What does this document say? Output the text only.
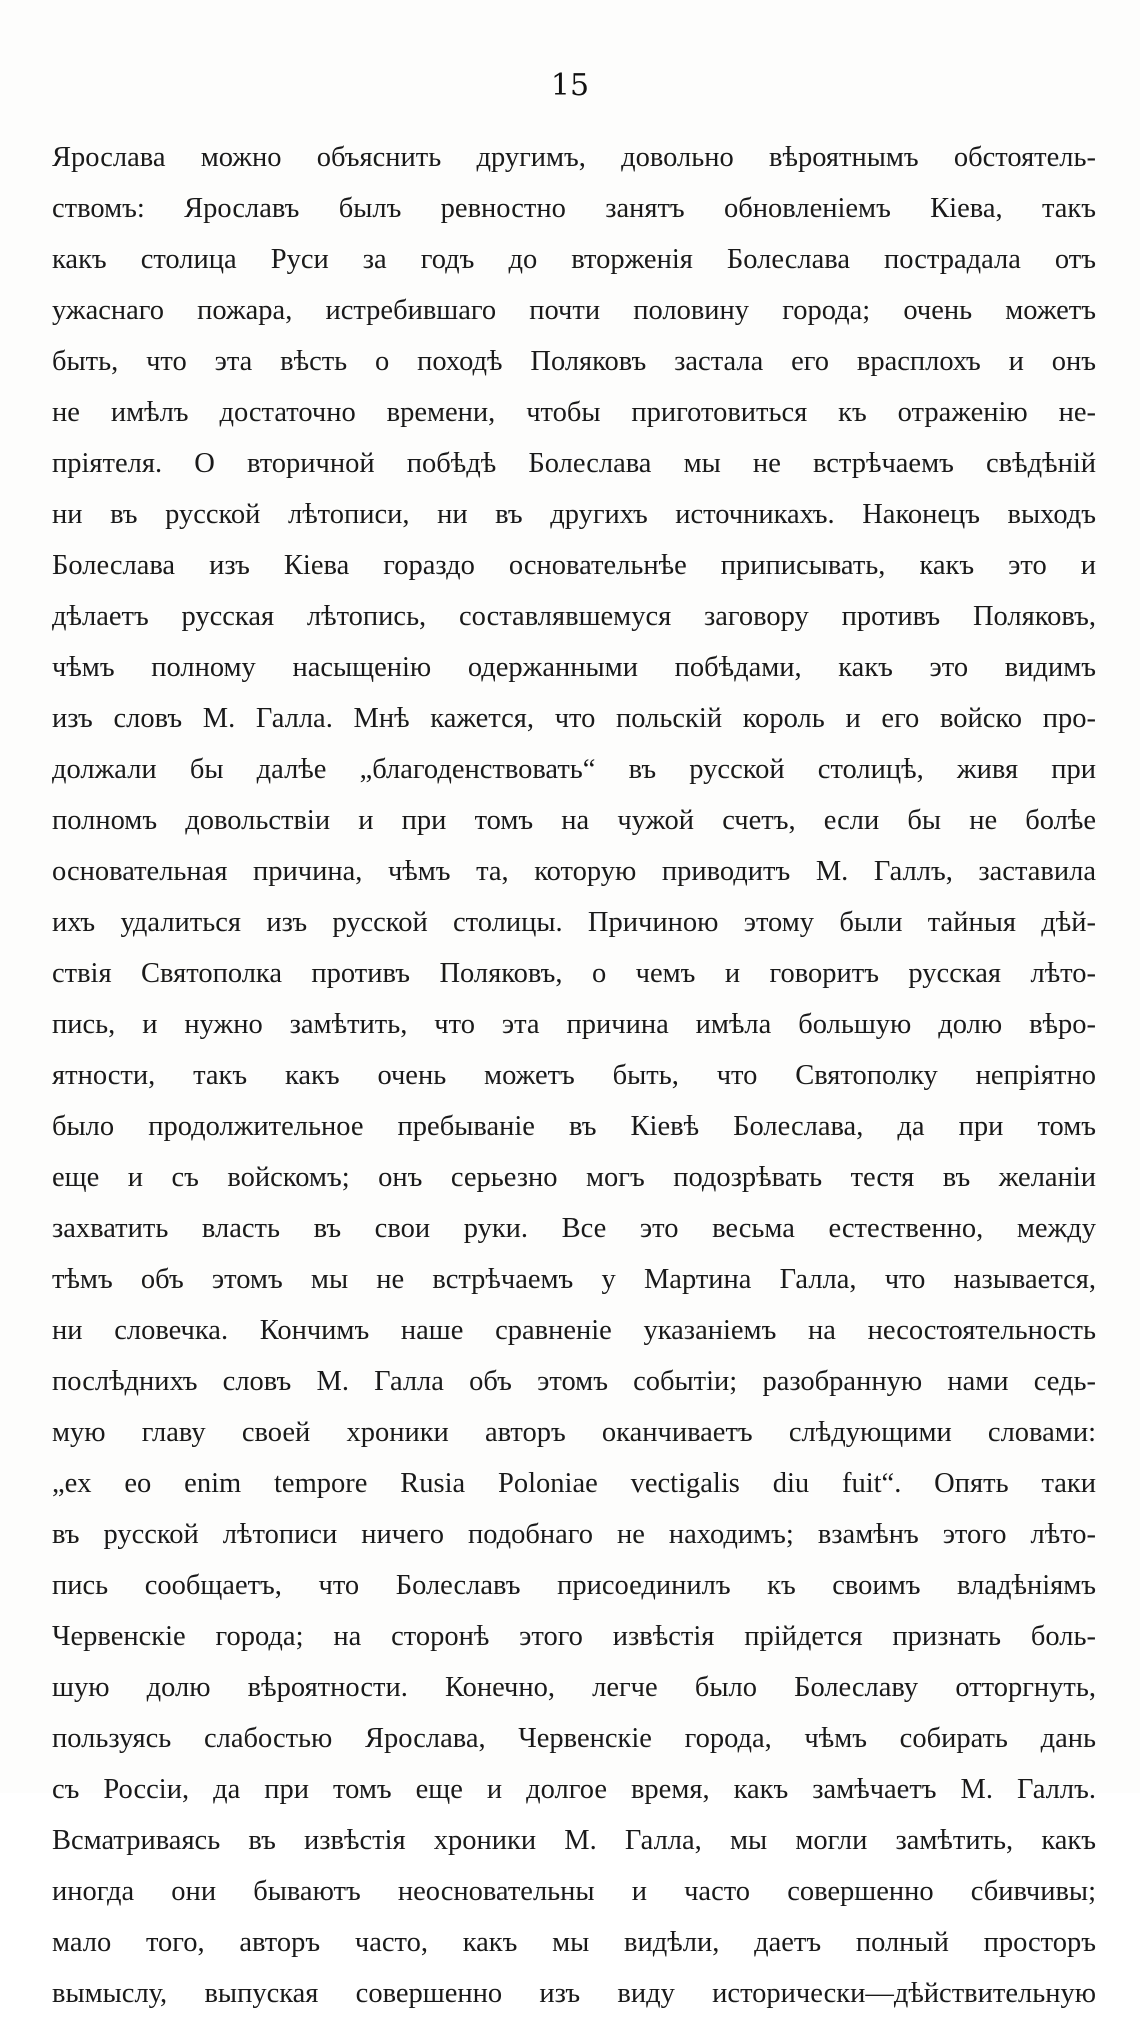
15
Ярослава можно объяснить другимъ, довольно вѣроятнымъ обстоятель-
ствомъ: Ярославъ былъ ревностно занятъ обновленіемъ Кіева, такъ
какъ столица Руси за годъ до вторженія Болеслава пострадала отъ
ужаснаго пожара, истребившаго почти половину города; очень можетъ
быть, что эта вѣсть о походѣ Поляковъ застала его врасплохъ и онъ
не имѣлъ достаточно времени, чтобы приготовиться къ отраженію не-
пріятеля. О вторичной побѣдѣ Болеслава мы не встрѣчаемъ свѣдѣній
ни въ русской лѣтописи, ни въ другихъ источникахъ. Наконецъ выходъ
Болеслава изъ Кіева гораздо основательнѣе приписывать, какъ это и
дѣлаетъ русская лѣтопись, составлявшемуся заговору противъ Поляковъ,
чѣмъ полному насыщенію одержанными побѣдами, какъ это видимъ
изъ словъ М. Галла. Мнѣ кажется, что польскій король и его войско про-
должали бы далѣе „благоденствовать“ въ русской столицѣ, живя при
полномъ довольствіи и при томъ на чужой счетъ, если бы не болѣе
основательная причина, чѣмъ та, которую приводитъ М. Галлъ, заставила
ихъ удалиться изъ русской столицы. Причиною этому были тайныя дѣй-
ствія Святополка противъ Поляковъ, о чемъ и говоритъ русская лѣто-
пись, и нужно замѣтить, что эта причина имѣла большую долю вѣро-
ятности, такъ какъ очень можетъ быть, что Святополку непріятно
было продолжительное пребываніе въ Кіевѣ Болеслава, да при томъ
еще и съ войскомъ; онъ серьезно могъ подозрѣвать тестя въ желаніи
захватить власть въ свои руки. Все это весьма естественно, между
тѣмъ объ этомъ мы не встрѣчаемъ у Мартина Галла, что называется,
ни словечка. Кончимъ наше сравненіе указаніемъ на несостоятельность
послѣднихъ словъ М. Галла объ этомъ событіи; разобранную нами седь-
мую главу своей хроники авторъ оканчиваетъ слѣдующими словами:
„ex eo enim tempore Rusia Poloniae vectigalis diu fuit“. Опять таки
въ русской лѣтописи ничего подобнаго не находимъ; взамѣнъ этого лѣто-
пись сообщаетъ, что Болеславъ присоединилъ къ своимъ владѣніямъ
Червенскіе города; на сторонѣ этого извѣстія прійдется признать боль-
шую долю вѣроятности. Конечно, легче было Болеславу отторгнуть,
пользуясь слабостью Ярослава, Червенскіе города, чѣмъ собирать дань
съ Россіи, да при томъ еще и долгое время, какъ замѣчаетъ М. Галлъ.
Всматриваясь въ извѣстія хроники М. Галла, мы могли замѣтить, какъ
иногда они бываютъ неосновательны и часто совершенно сбивчивы;
мало того, авторъ часто, какъ мы видѣли, даетъ полный просторъ
вымыслу, выпуская совершенно изъ виду исторически—дѣйствительную
